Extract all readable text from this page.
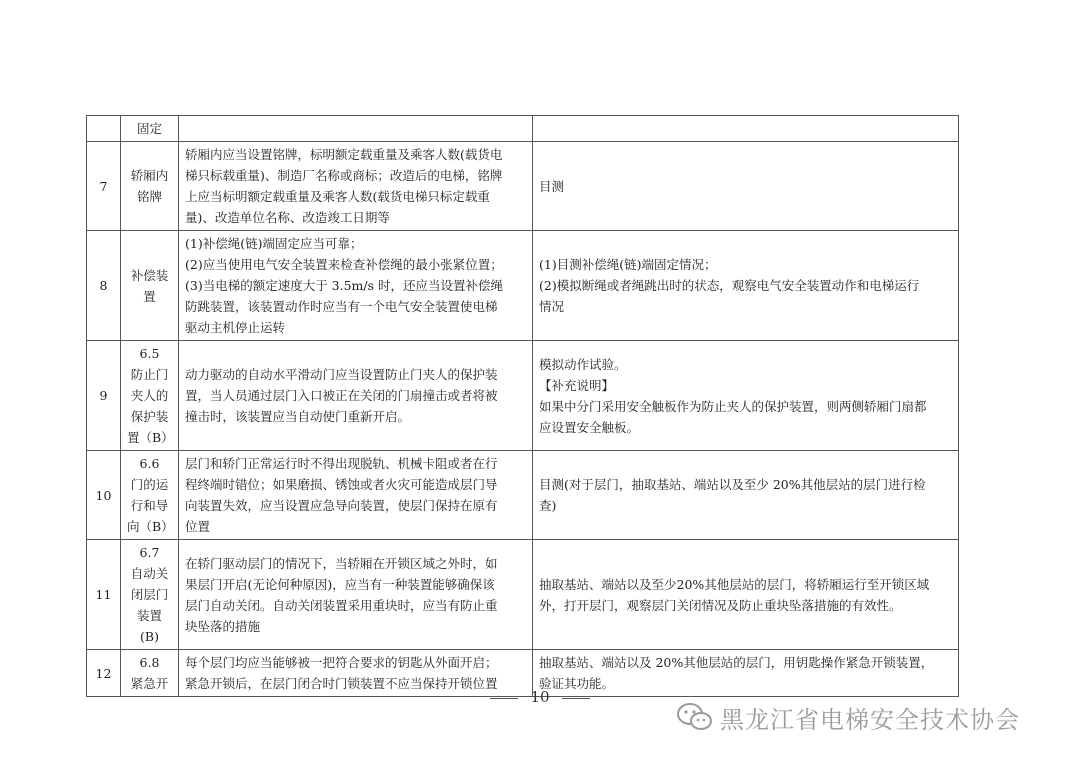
	固定		

7	轿厢内
铭牌	轿厢内应当设置铭牌，标明额定载重量及乘客人数(载货电
梯只标载重量)、制造厂名称或商标；改造后的电梯，铭牌
上应当标明额定载重量及乘客人数(载货电梯只标定载重
量)、改造单位名称、改造竣工日期等	目测

8	补偿装
置	(1)补偿绳(链)端固定应当可靠；
(2)应当使用电气安全装置来检查补偿绳的最小张紧位置；
(3)当电梯的额定速度大于 3.5m/s 时，还应当设置补偿绳
防跳装置，该装置动作时应当有一个电气安全装置使电梯
驱动主机停止运转	(1)目测补偿绳(链)端固定情况；
(2)模拟断绳或者绳跳出时的状态，观察电气安全装置动作和电梯运行
情况

9	6.5
防止门
夹人的
保护装
置（B）	动力驱动的自动水平滑动门应当设置防止门夹人的保护装
置，当人员通过层门入口被正在关闭的门扇撞击或者将被
撞击时，该装置应当自动使门重新开启。	模拟动作试验。
【补充说明】
如果中分门采用安全触板作为防止夹人的保护装置，则两侧轿厢门扇都
应设置安全触板。

10	6.6
门的运
行和导
向（B）	层门和轿门正常运行时不得出现脱轨、机械卡阻或者在行
程终端时错位；如果磨损、锈蚀或者火灾可能造成层门导
向装置失效，应当设置应急导向装置，使层门保持在原有
位置	目测(对于层门，抽取基站、端站以及至少 20%其他层站的层门进行检
查)

11	6.7
自动关
闭层门
装置
(B)	在轿门驱动层门的情况下，当轿厢在开锁区域之外时，如
果层门开启(无论何种原因)，应当有一种装置能够确保该
层门自动关闭。自动关闭装置采用重块时，应当有防止重
块坠落的措施	抽取基站、端站以及至少20%其他层站的层门，将轿厢运行至开锁区域
外，打开层门，观察层门关闭情况及防止重块坠落措施的有效性。

12	6.8
紧急开	每个层门均应当能够被一把符合要求的钥匙从外面开启；
紧急开锁后，在层门闭合时门锁装置不应当保持开锁位置	抽取基站、端站以及 20%其他层站的层门，用钥匙操作紧急开锁装置，
验证其功能。
10
黑龙江省电梯安全技术协会
